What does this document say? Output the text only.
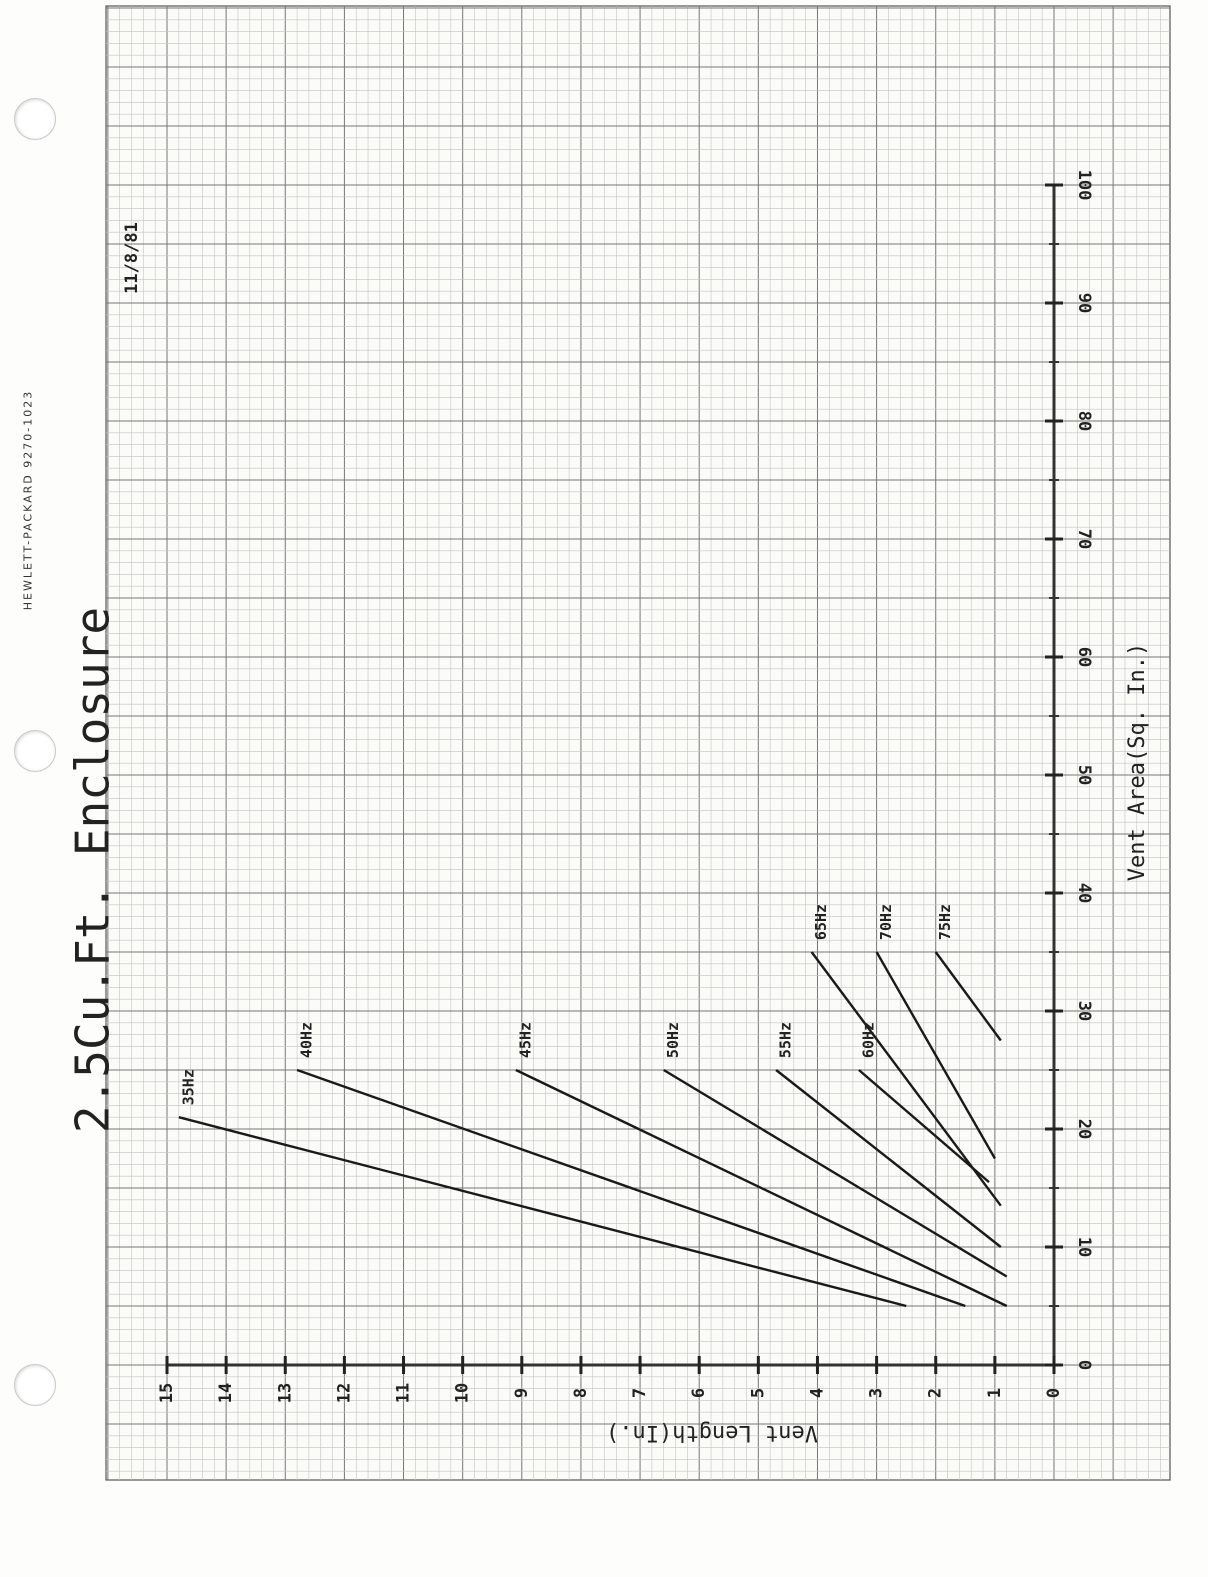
HEWLETT-PACKARD 9270-1023
0
10
20
30
40
50
60
70
80
90
100
0
1
2
3
4
5
6
7
8
9
10
11
12
13
14
15
Vent Area(Sq. In.)
Vent Length(In.)
2.5Cu.Ft. Enclosure
11/8/81
35Hz
40Hz	45Hz	50Hz	55Hz	60Hz
65Hz	70Hz	75Hz
